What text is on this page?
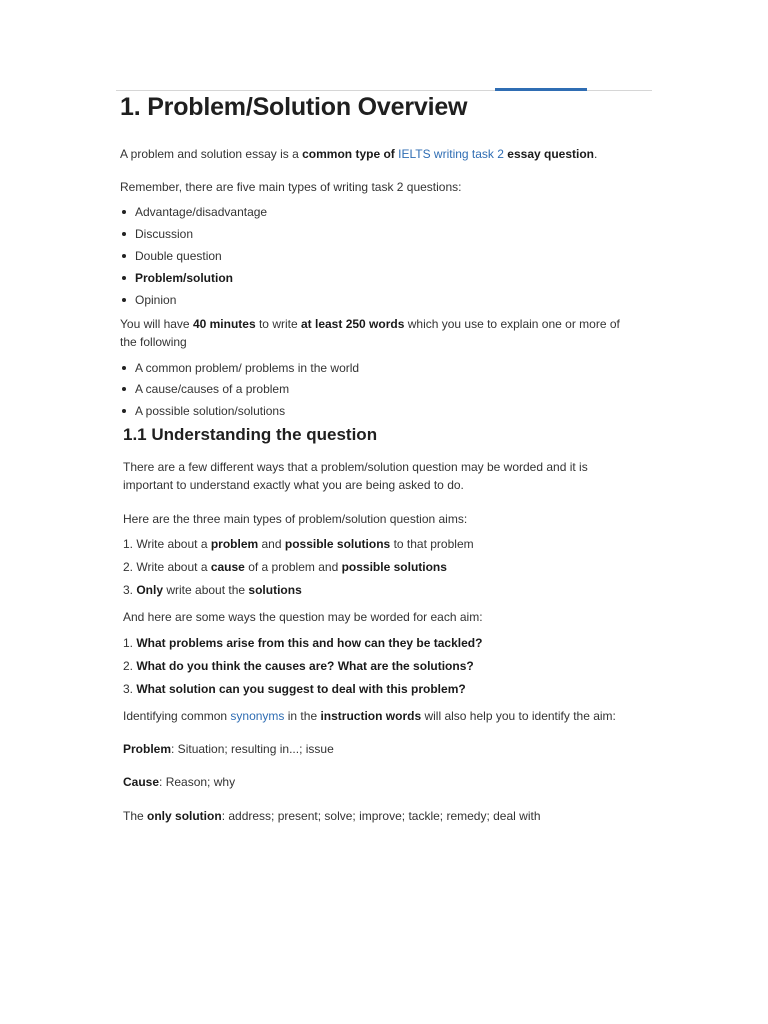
1. Problem/Solution Overview

A problem and solution essay is a common type of IELTS writing task 2 essay question.

Remember, there are five main types of writing task 2 questions:

Advantage/disadvantage
Discussion
Double question
Problem/solution
Opinion

You will have 40 minutes to write at least 250 words which you use to explain one or more of
the following

A common problem/ problems in the world
A cause/causes of a problem
A possible solution/solutions
1.1 Understanding the question

There are a few different ways that a problem/solution question may be worded and it is
important to understand exactly what you are being asked to do.

Here are the three main types of problem/solution question aims:

1. Write about a problem and possible solutions to that problem
2. Write about a cause of a problem and possible solutions
3. Only write about the solutions

And here are some ways the question may be worded for each aim:

1. What problems arise from this and how can they be tackled?
2. What do you think the causes are? What are the solutions?
3. What solution can you suggest to deal with this problem?

Identifying common synonyms in the instruction words will also help you to identify the aim:

Problem: Situation; resulting in...; issue

Cause: Reason; why

The only solution: address; present; solve; improve; tackle; remedy; deal with
